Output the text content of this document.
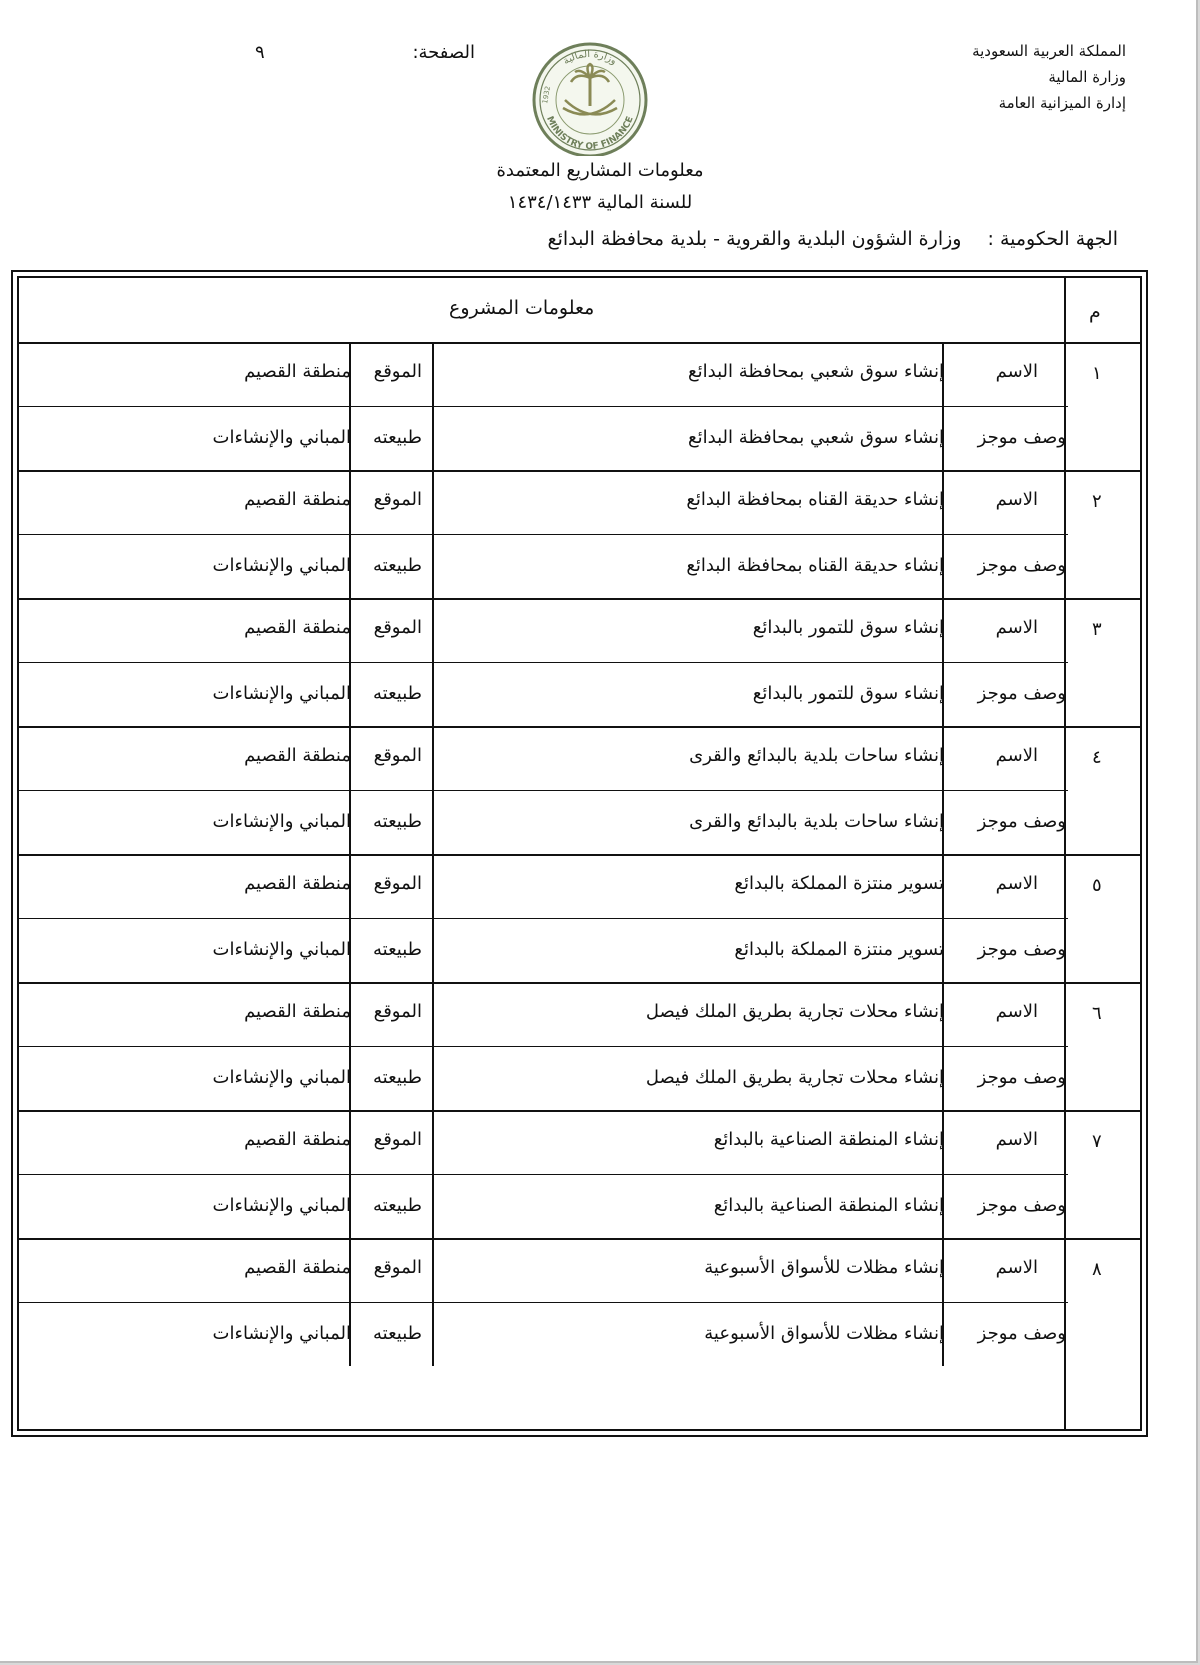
المملكة العربية السعودية
وزارة المالية
إدارة الميزانية العامة
الصفحة:
٩	وزارة المالية
MINISTRY OF FINANCE
1932
معلومات المشاريع المعتمدة
للسنة المالية ١٤٣٤/١٤٣٣
الجهة الحكومية : وزارة الشؤون البلدية والقروية - بلدية محافظة البدائع
م
معلومات المشروع
١
الاسم
وصف موجز
إنشاء سوق شعبي بمحافظة البدائع
إنشاء سوق شعبي بمحافظة البدائع
الموقع
طبيعته
منطقة القصيم
المباني والإنشاءات
٢
الاسم
وصف موجز
إنشاء حديقة القناه بمحافظة البدائع
إنشاء حديقة القناه بمحافظة البدائع
الموقع
طبيعته
منطقة القصيم
المباني والإنشاءات
٣
الاسم
وصف موجز
إنشاء سوق للتمور بالبدائع
إنشاء سوق للتمور بالبدائع
الموقع
طبيعته
منطقة القصيم
المباني والإنشاءات
٤
الاسم
وصف موجز
إنشاء ساحات بلدية بالبدائع والقرى
إنشاء ساحات بلدية بالبدائع والقرى
الموقع
طبيعته
منطقة القصيم
المباني والإنشاءات
٥
الاسم
وصف موجز
تسوير منتزة المملكة بالبدائع
تسوير منتزة المملكة بالبدائع
الموقع
طبيعته
منطقة القصيم
المباني والإنشاءات
٦
الاسم
وصف موجز
إنشاء محلات تجارية بطريق الملك فيصل
إنشاء محلات تجارية بطريق الملك فيصل
الموقع
طبيعته
منطقة القصيم
المباني والإنشاءات
٧
الاسم
وصف موجز
إنشاء المنطقة الصناعية بالبدائع
إنشاء المنطقة الصناعية بالبدائع
الموقع
طبيعته
منطقة القصيم
المباني والإنشاءات
٨
الاسم
وصف موجز
إنشاء مظلات للأسواق الأسبوعية
إنشاء مظلات للأسواق الأسبوعية
الموقع
طبيعته
منطقة القصيم
المباني والإنشاءات
